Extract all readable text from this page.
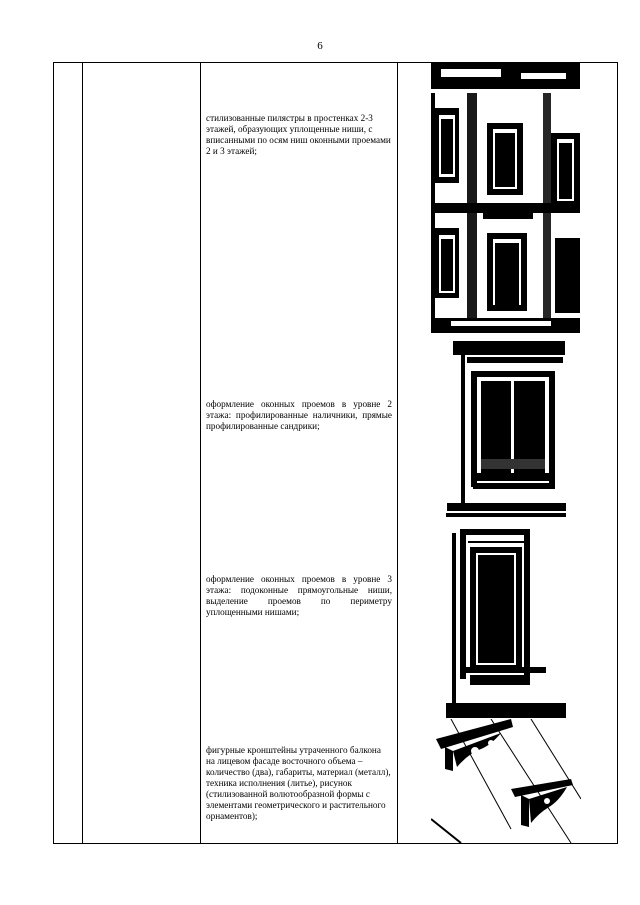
6

стилизованные пилястры в простенках 2-3 этажей, образующих уплощенные ниши, с вписанными по осям ниш оконными проемами 2 и 3 этажей;
оформление оконных проемов в уровне 2 этажа: профилированные наличники, прямые профилированные сандрики;
оформление оконных проемов в уровне 3 этажа: подоконные прямоугольные ниши, выделение проемов по периметру уплощенными нишами;
фигурные кронштейны утраченного балкона на лицевом фасаде восточного объема – количество (два), габариты, материал (металл), техника исполнения (литье), рисунок (стилизованной волютообразной формы с элементами геометрического и растительного орнаментов);
